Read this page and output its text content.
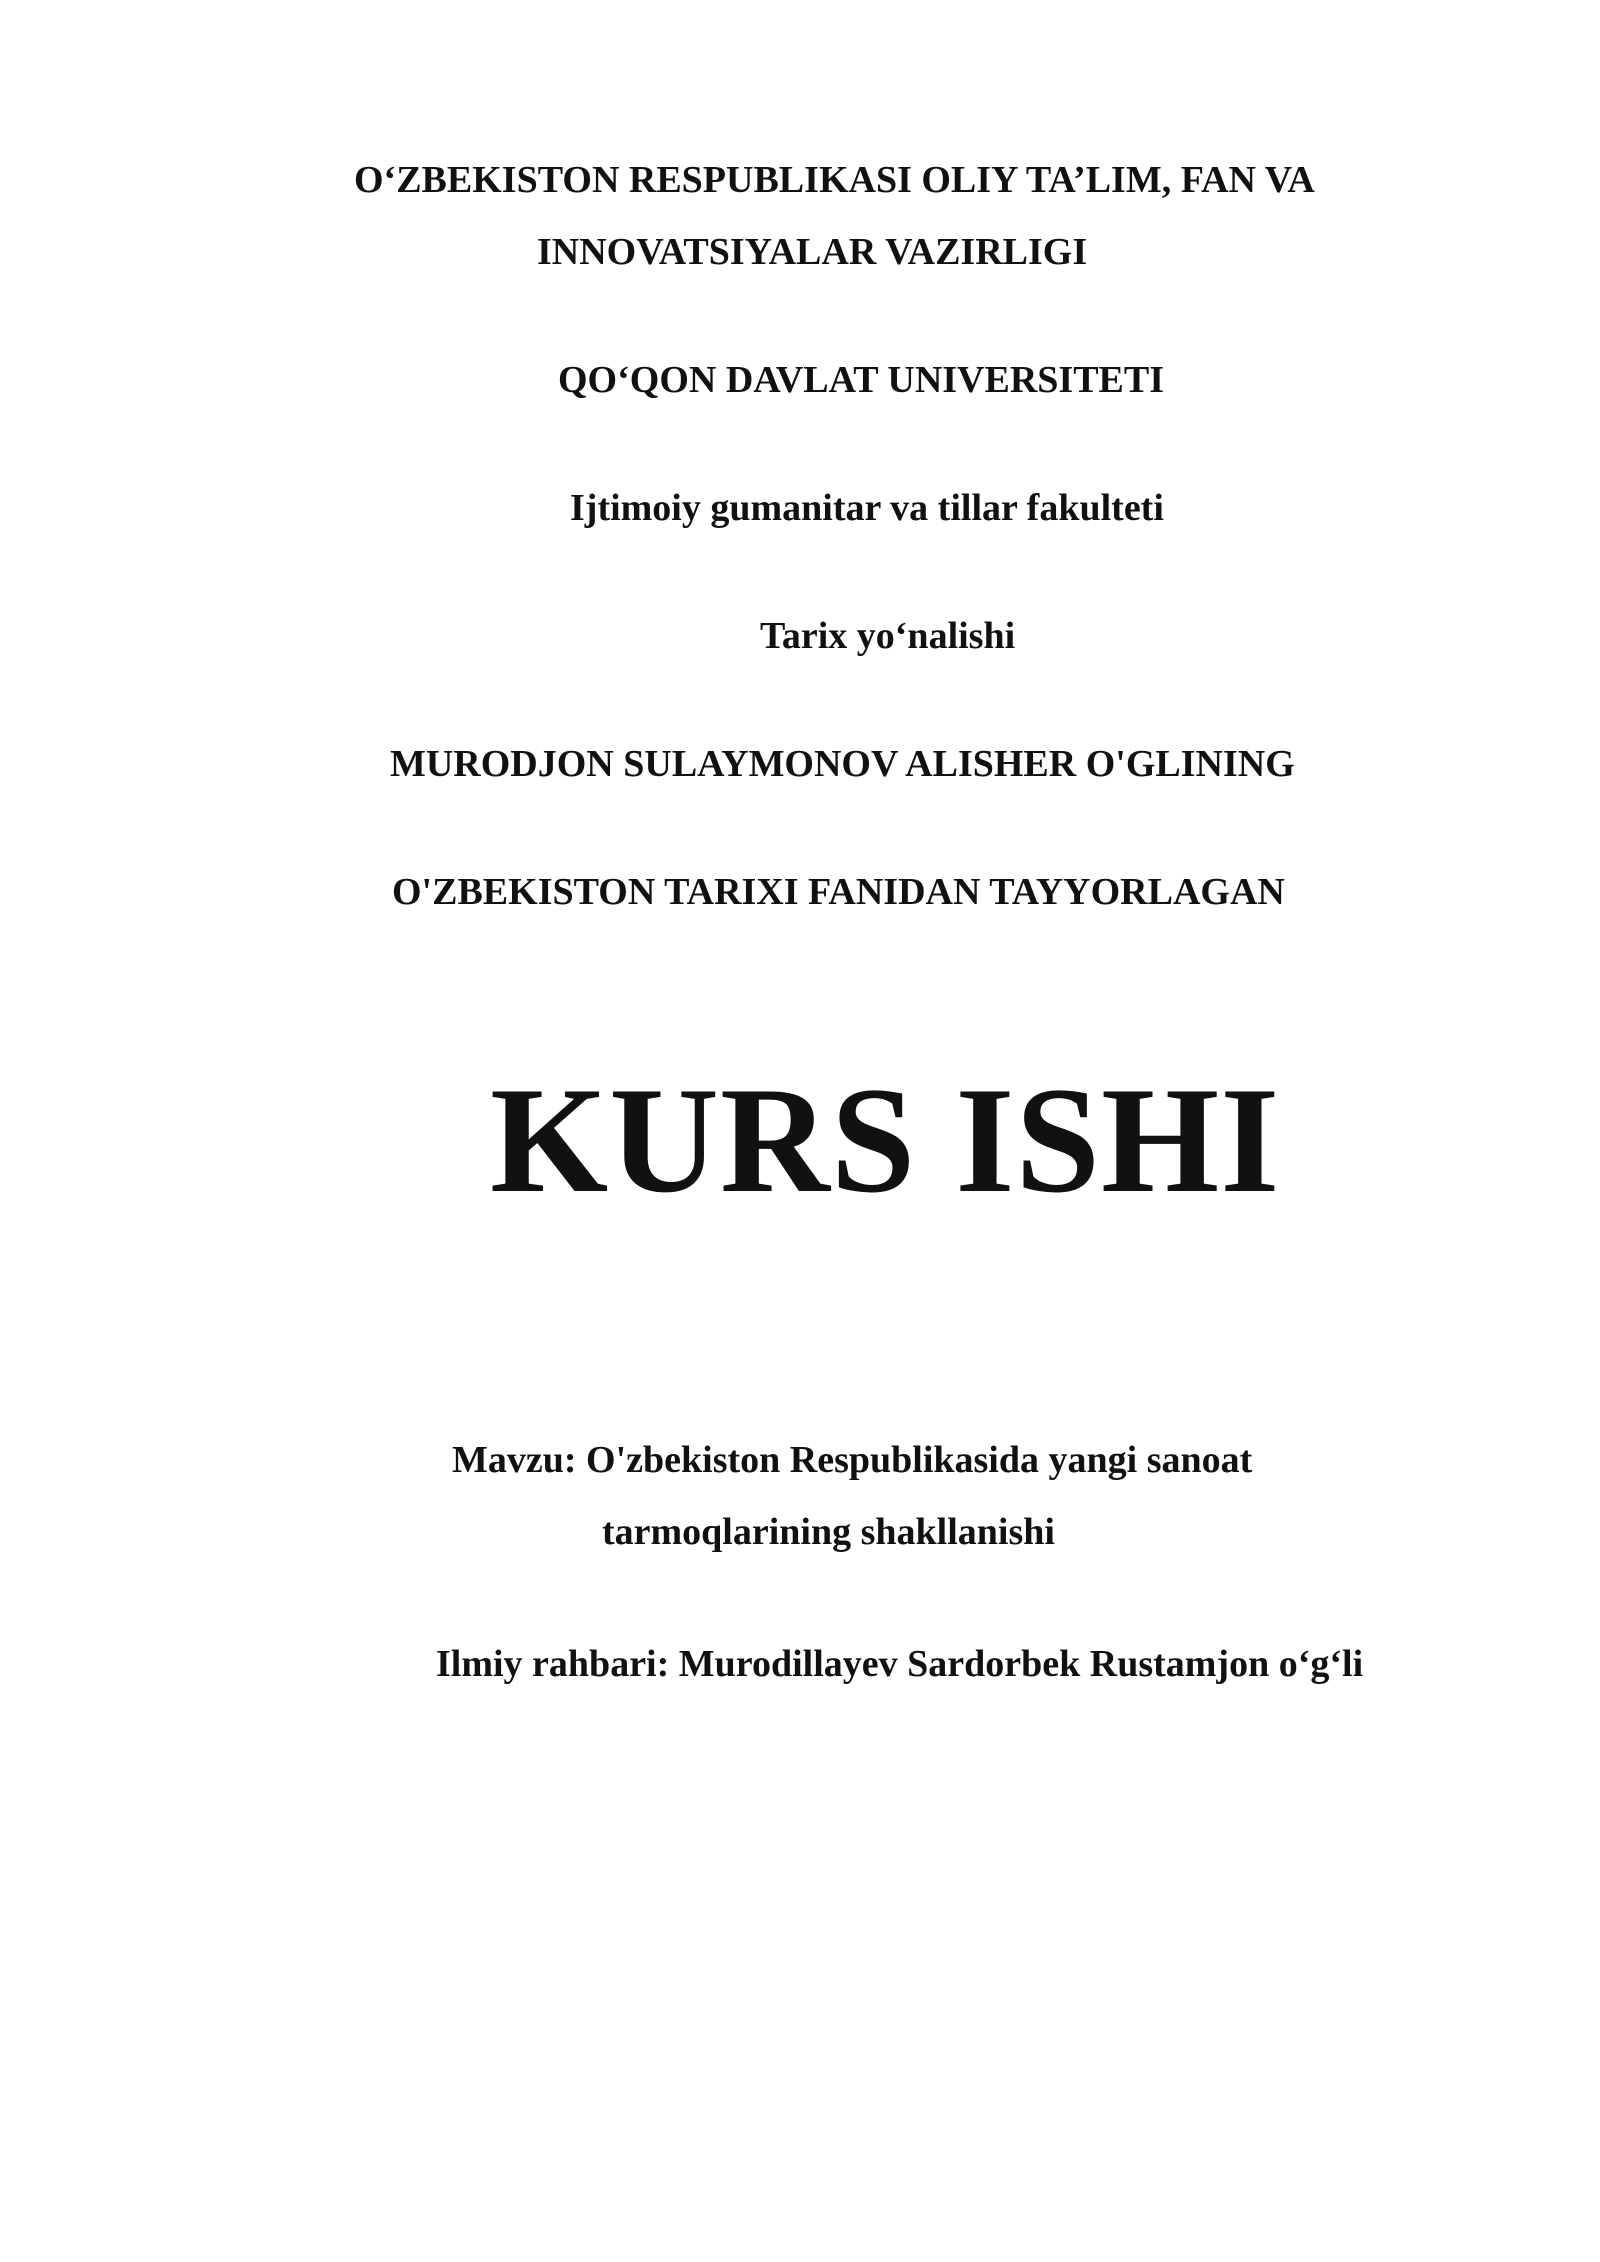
O‘ZBEKISTON RESPUBLIKASI OLIY TA’LIM, FAN VA

INNOVATSIYALAR VAZIRLIGI

QO‘QON DAVLAT UNIVERSITETI

Ijtimoiy gumanitar va tillar fakulteti

Tarix yo‘nalishi

MURODJON SULAYMONOV ALISHER O'GLINING

O'ZBEKISTON TARIXI FANIDAN TAYYORLAGAN

KURS ISHI

Mavzu: O'zbekiston Respublikasida yangi sanoat

tarmoqlarining shakllanishi

Ilmiy rahbari: Murodillayev Sardorbek Rustamjon o‘g‘li
